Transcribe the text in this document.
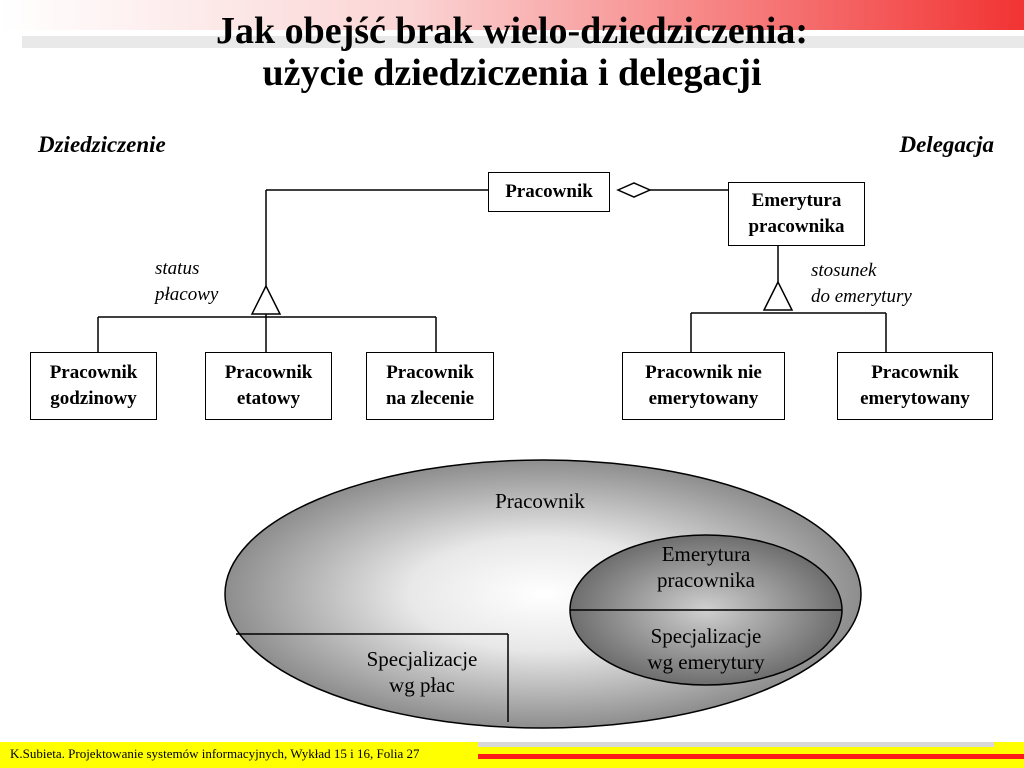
Jak obejść brak wielo-dziedziczenia:
użycie dziedziczenia i delegacji
Dziedziczenie	Delegacja
Pracownik	Emerytura
pracownika
status
płacowy
stosunek
do emerytury
Pracownik
godzinowy
Pracownik
etatowy
Pracownik
na zlecenie
Pracownik nie
emerytowany
Pracownik
emerytowany
Pracownik
Emerytura
pracownika
Specjalizacje
wg emerytury
Specjalizacje
wg płac
K.Subieta. Projektowanie systemów informacyjnych, Wykład 15 i 16, Folia 27
